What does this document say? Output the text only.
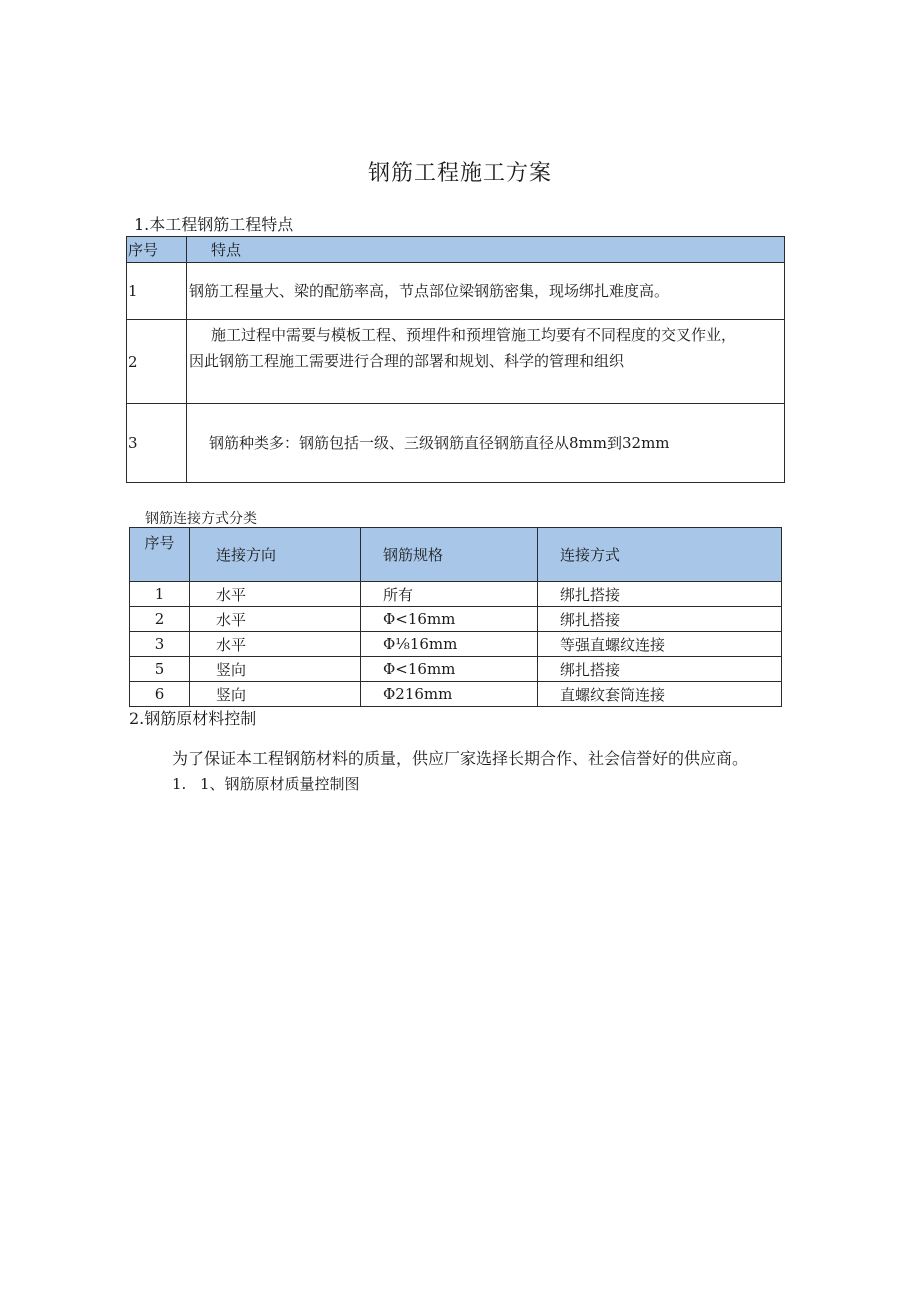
钢筋工程施工方案
1.本工程钢筋工程特点
序号	特点
1	钢筋工程量大、梁的配筋率高，节点部位梁钢筋密集，现场绑扎难度高。
2	施工过程中需要与模板工程、预埋件和预埋管施工均要有不同程度的交叉作业，
因此钢筋工程施工需要进行合理的部署和规划、科学的管理和组织

3	钢筋种类多：钢筋包括一级、三级钢筋直径钢筋直径从8mm到32mm
钢筋连接方式分类
序号	连接方向	钢筋规格	连接方式
1	水平	所有	绑扎搭接
2	水平	Φ<16mm	绑扎搭接
3	水平	Φ⅛16mm	等强直螺纹连接
5	竖向	Φ<16mm	绑扎搭接
6	竖向	Φ216mm	直螺纹套筒连接
2.钢筋原材料控制
为了保证本工程钢筋材料的质量，供应厂家选择长期合作、社会信誉好的供应商。
1. 1、钢筋原材质量控制图
